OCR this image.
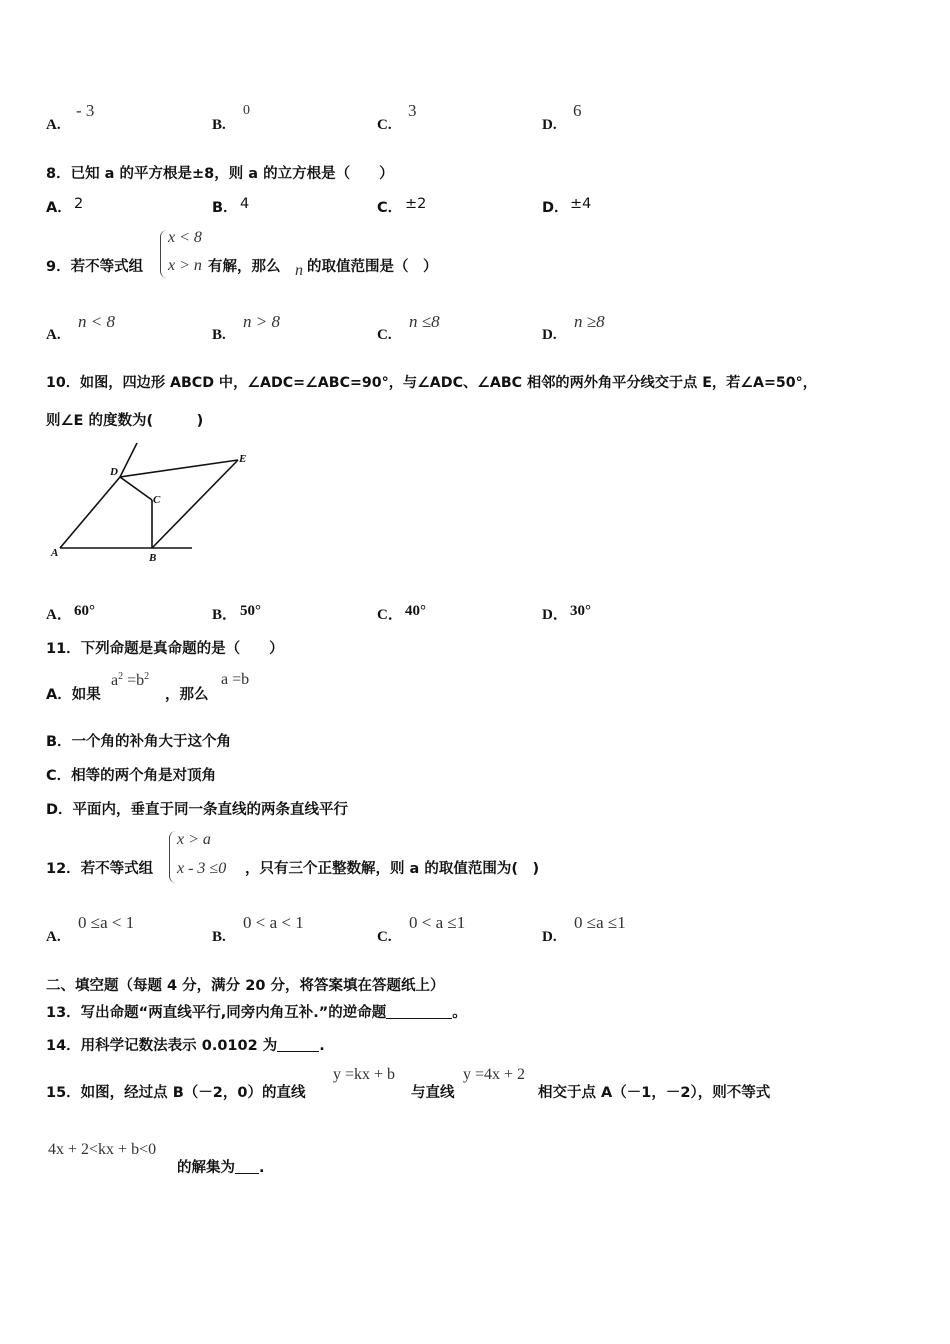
A.
- 3
B.
0
C.
3
D.
6
8．已知 a 的平方根是±8，则 a 的立方根是（　　）
A． 2	B． 4	C． ±2	D． ±4
9．若不等式组
x < 8
x > n 有解，那么 n 的取值范围是（　）
A.
n < 8
B.
n > 8
C.
n ≤8
D.
n ≥8
10．如图，四边形 ABCD 中，∠ADC=∠ABC=90°，与∠ADC、∠ABC 相邻的两外角平分线交于点 E，若∠A=50°，
则∠E 的度数为(　　　)
A	B
C
D
E
A． 60°	B． 50°	C． 40°	D． 30°
11．下列命题是真命题的是（　　）
A．如果
$a^2 =b^2$
，那么
a =b
B．一个角的补角大于这个角
C．相等的两个角是对顶角
D．平面内，垂直于同一条直线的两条直线平行
12．若不等式组
x > a
x - 3 ≤0 ，只有三个正整数解，则 a 的取值范围为(　)
A.
0 ≤a < 1
B.
0 < a < 1
C.
0 < a ≤1
D.
0 ≤a ≤1
二、填空题（每题 4 分，满分 20 分，将答案填在答题纸上）
13．写出命题“两直线平行,同旁内角互补.”的逆命题	。
14．用科学记数法表示 0.0102 为	.
15．如图，经过点 B（－2，0）的直线
y =kx + b
与直线
y =4x + 2
相交于点 A（－1，－2），则不等式
4x + 2<kx + b<0
的解集为 .
